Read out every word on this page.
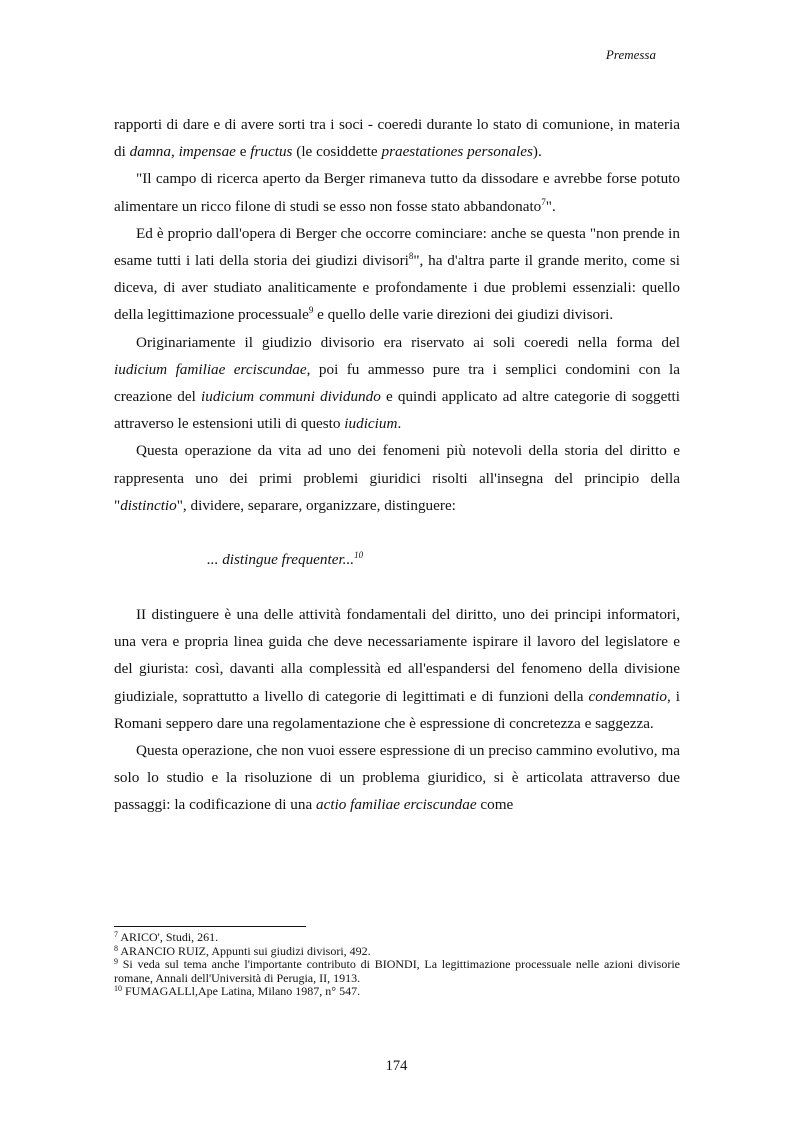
Premessa

rapporti di dare e di avere sorti tra i soci - coeredi durante lo stato di comunione, in materia di damna, impensae e fructus (le cosiddette praestationes personales).

"Il campo di ricerca aperto da Berger rimaneva tutto da dissodare e avrebbe forse potuto alimentare un ricco filone di studi se esso non fosse stato abbandonato$^7$".

Ed è proprio dall'opera di Berger che occorre cominciare: anche se questa "non prende in esame tutti i lati della storia dei giudizi divisori$^8$", ha d'altra parte il grande merito, come si diceva, di aver studiato analiticamente e profondamente i due problemi essenziali: quello della legittimazione processuale$^9$ e quello delle varie direzioni dei giudizi divisori.

Originariamente il giudizio divisorio era riservato ai soli coeredi nella forma del iudicium familiae erciscundae, poi fu ammesso pure tra i semplici condomini con la creazione del iudicium communi dividundo e quindi applicato ad altre categorie di soggetti attraverso le estensioni utili di questo iudicium.

Questa operazione da vita ad uno dei fenomeni più notevoli della storia del diritto e rappresenta uno dei primi problemi giuridici risolti all'insegna del principio della "distinctio", dividere, separare, organizzare, distinguere:

... distingue frequenter...$^{10}$

II distinguere è una delle attività fondamentali del diritto, uno dei principi informatori, una vera e propria linea guida che deve necessariamente ispirare il lavoro del legislatore e del giurista: così, davanti alla complessità ed all'espandersi del fenomeno della divisione giudiziale, soprattutto a livello di categorie di legittimati e di funzioni della condemnatio, i Romani seppero dare una regolamentazione che è espressione di concretezza e saggezza.

Questa operazione, che non vuoi essere espressione di un preciso cammino evolutivo, ma solo lo studio e la risoluzione di un problema giuridico, si è articolata attraverso due passaggi: la codificazione di una actio familiae erciscundae come

$^7$ ARICO', Studi, 261.
$^8$ ARANCIO RUIZ, Appunti sui giudizi divisori, 492.
$^9$ Si veda sul tema anche l'importante contributo di BIONDI, La legittimazione processuale nelle azioni divisorie romane, Annali dell'Università di Perugia, II, 1913.
$^{10}$ FUMAGALLl,Ape Latina, Milano 1987, n° 547.
174
